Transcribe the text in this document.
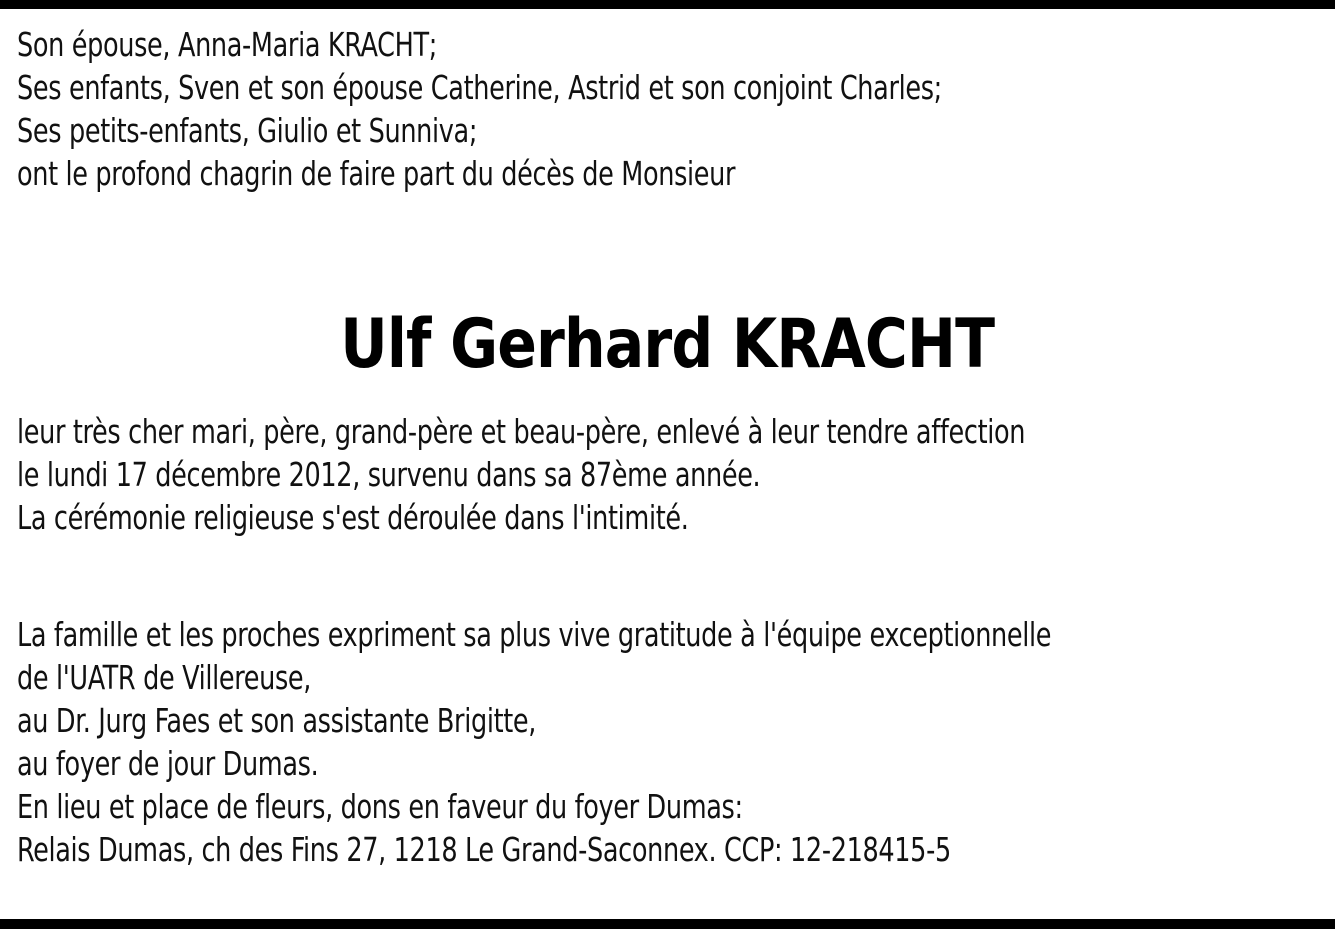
Son épouse, Anna-Maria KRACHT;
Ses enfants, Sven et son épouse Catherine, Astrid et son conjoint Charles;
Ses petits-enfants, Giulio et Sunniva;
ont le profond chagrin de faire part du décès de Monsieur
Ulf Gerhard KRACHT
leur très cher mari, père, grand-père et beau-père, enlevé à leur tendre affection
le lundi 17 décembre 2012, survenu dans sa 87ème année.
La cérémonie religieuse s'est déroulée dans l'intimité.
La famille et les proches expriment sa plus vive gratitude à l'équipe exceptionnelle
de l'UATR de Villereuse,
au Dr. Jurg Faes et son assistante Brigitte,
au foyer de jour Dumas.
En lieu et place de fleurs, dons en faveur du foyer Dumas:
Relais Dumas, ch des Fins 27, 1218 Le Grand-Saconnex. CCP: 12-218415-5
